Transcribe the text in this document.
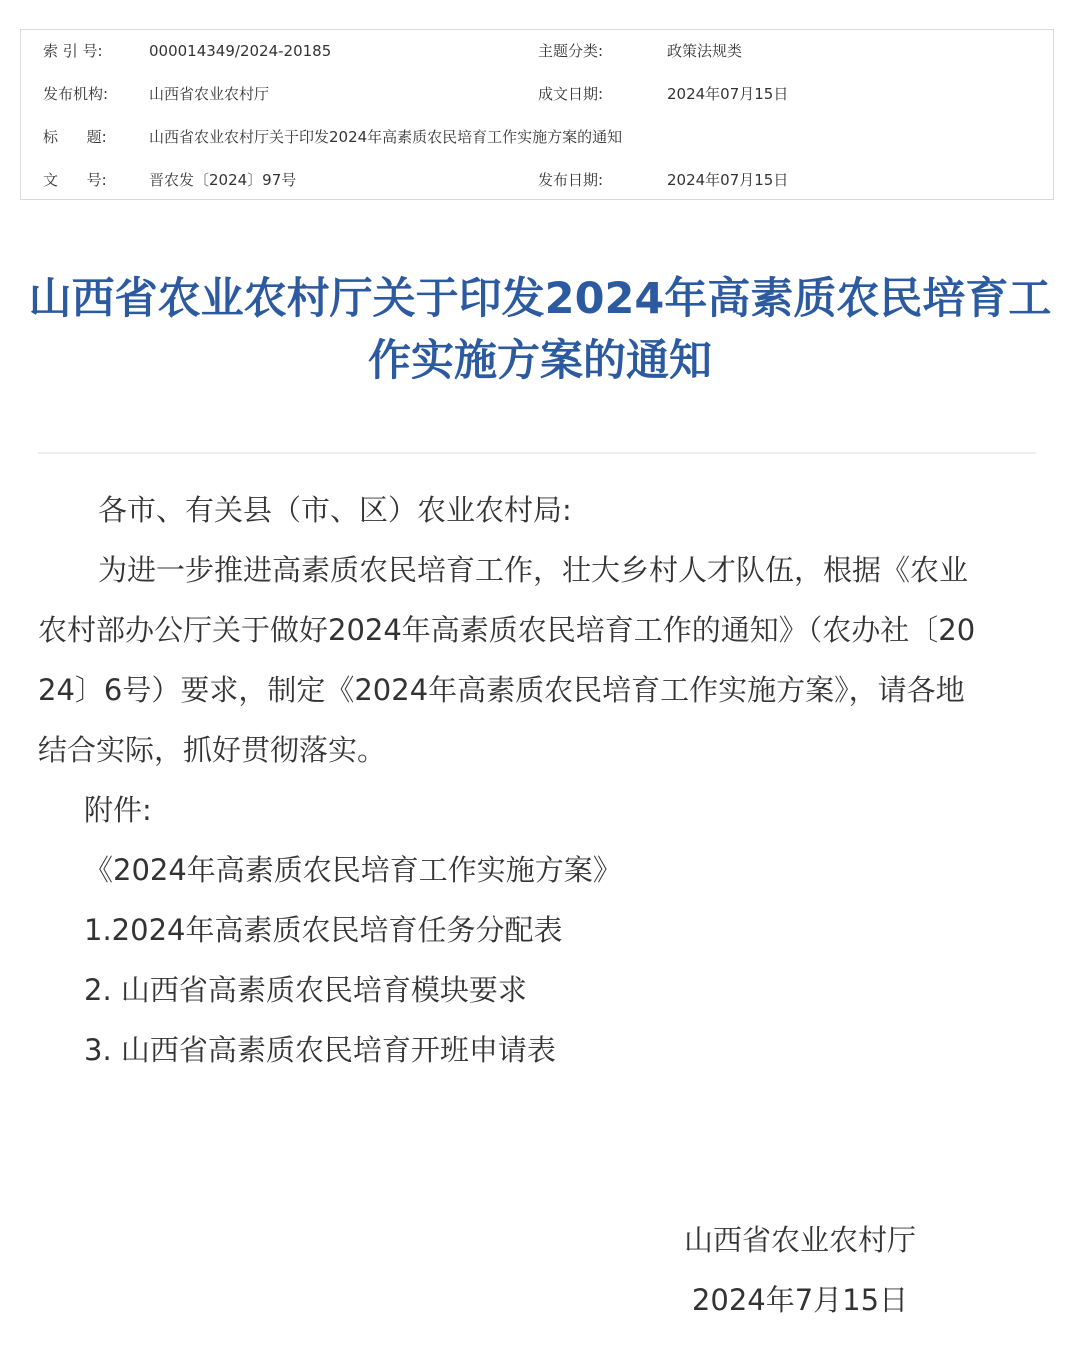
索 引 号:	000014349/2024-20185	主题分类:	政策法规类
发布机构:	山西省农业农村厅	成文日期:	2024年07月15日
标      题:	山西省农业农村厅关于印发2024年高素质农民培育工作实施方案的通知
文      号:	晋农发〔2024〕97号	发布日期:	2024年07月15日
山西省农业农村厅关于印发2024年高素质农民培育工
作实施方案的通知

各市、有关县（市、区）农业农村局:

为进一步推进高素质农民培育工作，壮大乡村人才队伍，根据《农业

农村部办公厅关于做好2024年高素质农民培育工作的通知》（农办社〔20

24〕6号）要求，制定《2024年高素质农民培育工作实施方案》，请各地

结合实际，抓好贯彻落实。

附件:

《2024年高素质农民培育工作实施方案》

1.2024年高素质农民培育任务分配表

2. 山西省高素质农民培育模块要求

3. 山西省高素质农民培育开班申请表

山西省农业农村厅
2024年7月15日
